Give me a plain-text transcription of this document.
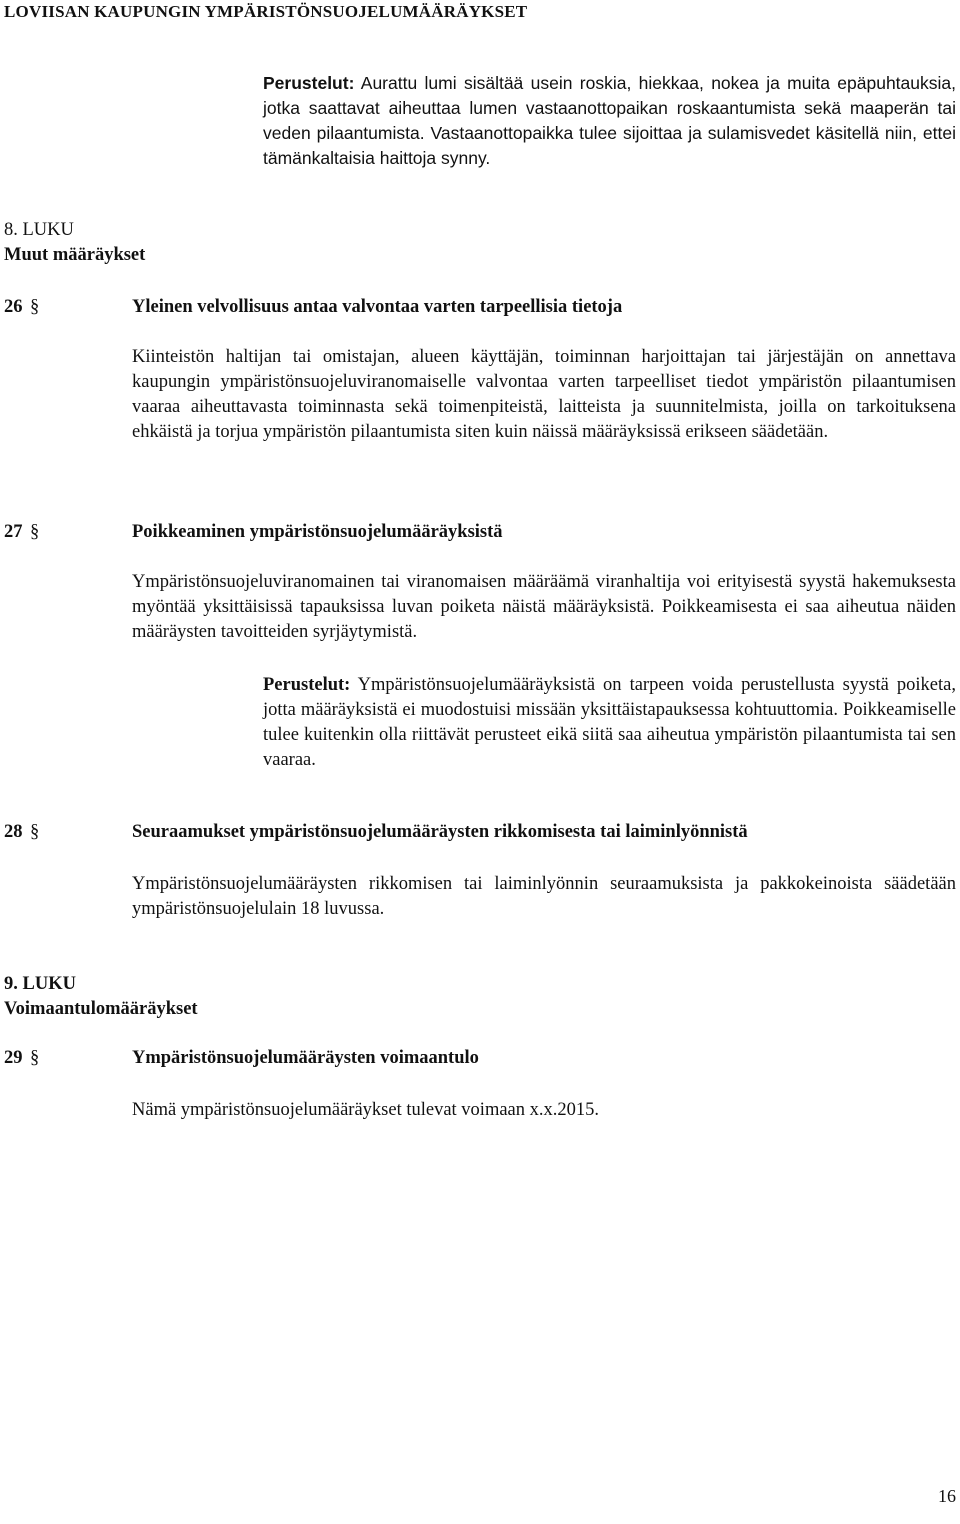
LOVIISAN KAUPUNGIN YMPÄRISTÖNSUOJELUMÄÄRÄYKSET

Perustelut: Aurattu lumi sisältää usein roskia, hiekkaa, nokea ja muita epäpuhtauksia, jotka saattavat aiheuttaa lumen vastaanottopaikan roskaantumista sekä maaperän tai veden pilaantumista. Vastaanottopaikka tulee sijoittaa ja sulamisvedet käsitellä niin, ettei tämänkaltaisia haittoja synny.

8. LUKU
Muut määräykset

26 §	Yleinen velvollisuus antaa valvontaa varten tarpeellisia tietoja

Kiinteistön haltijan tai omistajan, alueen käyttäjän, toiminnan harjoittajan tai järjestäjän on annettava kaupungin ympäristönsuojeluviranomaiselle valvontaa varten tarpeelliset tiedot ympäristön pilaantumisen vaaraa aiheuttavasta toiminnasta sekä toimenpiteistä, laitteista ja suunnitelmista, joilla on tarkoituksena ehkäistä ja torjua ympäristön pilaantumista siten kuin näissä määräyksissä erikseen säädetään.

27 §	Poikkeaminen ympäristönsuojelumääräyksistä

Ympäristönsuojeluviranomainen tai viranomaisen määräämä viranhaltija voi erityisestä syystä hakemuksesta myöntää yksittäisissä tapauksissa luvan poiketa näistä määräyksistä. Poikkeamisesta ei saa aiheutua näiden määräysten tavoitteiden syrjäytymistä.

Perustelut: Ympäristönsuojelumääräyksistä on tarpeen voida perustellusta syystä poiketa, jotta määräyksistä ei muodostuisi missään yksittäistapauksessa kohtuuttomia. Poikkeamiselle tulee kuitenkin olla riittävät perusteet eikä siitä saa aiheutua ympäristön pilaantumista tai sen vaaraa.

28 §	Seuraamukset ympäristönsuojelumääräysten rikkomisesta tai laiminlyönnistä

Ympäristönsuojelumääräysten rikkomisen tai laiminlyönnin seuraamuksista ja pakkokeinoista säädetään ympäristönsuojelulain 18 luvussa.

9. LUKU
Voimaantulomääräykset

29 §	Ympäristönsuojelumääräysten voimaantulo

Nämä ympäristönsuojelumääräykset tulevat voimaan x.x.2015.

16
